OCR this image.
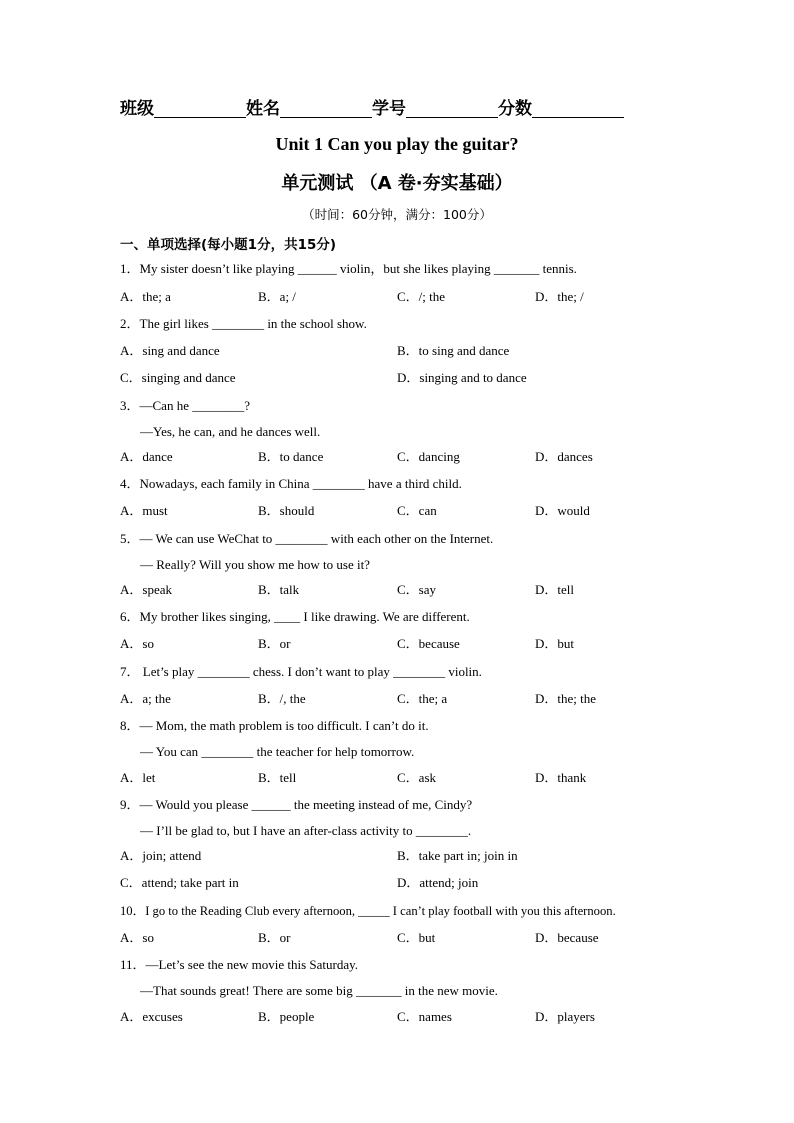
班级	姓名	学号	分数
Unit 1 Can you play the guitar?
单元测试 （A 卷·夯实基础）
（时间：60分钟，满分：100分）
一、单项选择(每小题1分，共15分)
1．My sister doesn’t like playing ______ violin，but she likes playing _______ tennis.
A．the; a	B．a; /	C．/; the	D．the; /
2．The girl likes ________ in the school show.
A．sing and dance	B．to sing and dance
C．singing and dance	D．singing and to dance
3．—Can he ________?
—Yes, he can, and he dances well.
A．dance	B．to dance	C．dancing	D．dances
4．Nowadays, each family in China ________ have a third child.
A．must	B．should	C．can	D．would
5．— We can use WeChat to ________ with each other on the Internet.
— Really? Will you show me how to use it?
A．speak	B．talk	C．say	D．tell
6．My brother likes singing, ____ I like drawing. We are different.
A．so	B．or	C．because	D．but
7． Let’s play ________ chess. I don’t want to play ________ violin.
A．a; the	B．/, the	C．the; a	D．the; the
8．— Mom, the math problem is too difficult. I can’t do it.
— You can ________ the teacher for help tomorrow.
A．let	B．tell	C．ask	D．thank
9．— Would you please ______ the meeting instead of me, Cindy?
— I’ll be glad to, but I have an after-class activity to ________.
A．join; attend	B．take part in; join in
C．attend; take part in	D．attend; join
10．I go to the Reading Club every afternoon, _____ I can’t play football with you this afternoon.
A．so	B．or	C．but	D．because
11．—Let’s see the new movie this Saturday.
—That sounds great! There are some big _______ in the new movie.
A．excuses	B．people	C．names	D．players
